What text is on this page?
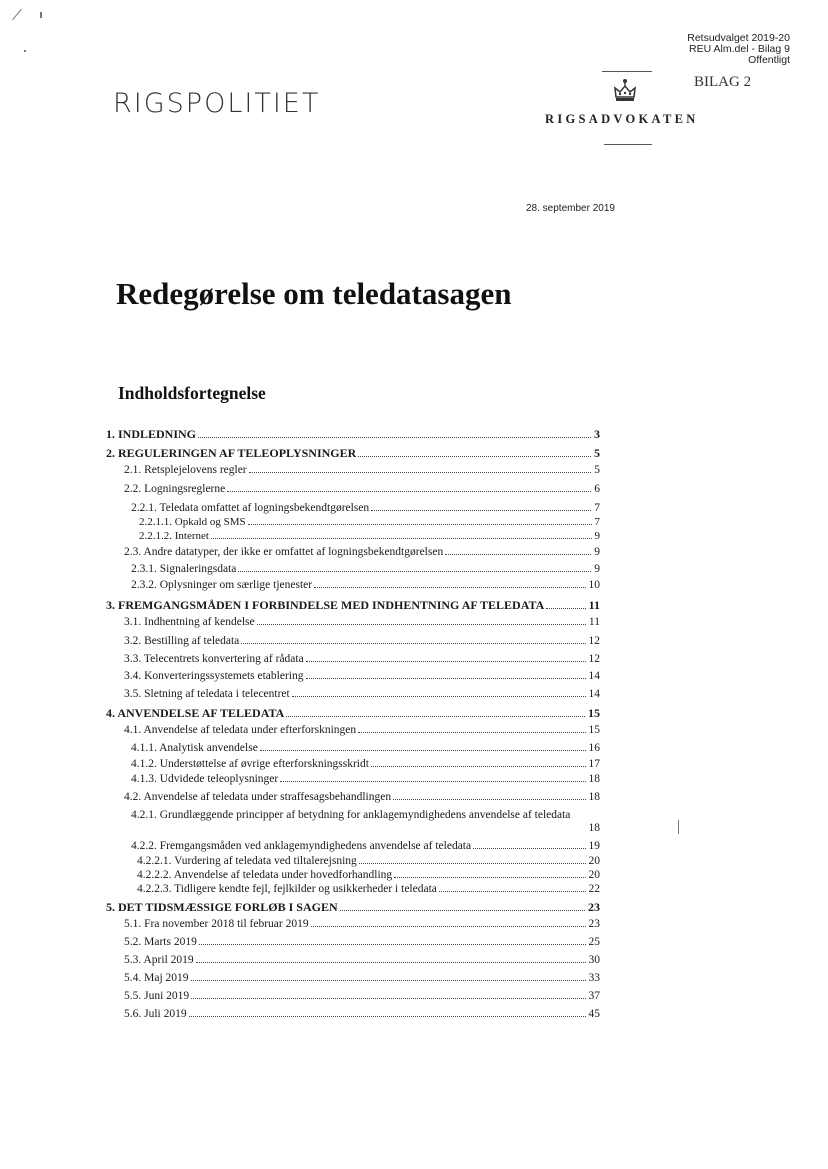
Retsudvalget 2019-20
REU Alm.del - Bilag 9
Offentligt
RIGSPOLITIET
BILAG 2
RIGSADVOKATEN
28. september 2019
Redegørelse om teledatasagen
Indholdsfortegnelse
1. INDLEDNING	3
2. REGULERINGEN AF TELEOPLYSNINGER	5
2.1. Retsplejelovens regler	5
2.2. Logningsreglerne	6
2.2.1. Teledata omfattet af logningsbekendtgørelsen	7
2.2.1.1. Opkald og SMS	7
2.2.1.2. Internet	9
2.3. Andre datatyper, der ikke er omfattet af logningsbekendtgørelsen	9
2.3.1. Signaleringsdata	9
2.3.2. Oplysninger om særlige tjenester	10
3. FREMGANGSMÅDEN I FORBINDELSE MED INDHENTNING AF TELEDATA	11
3.1. Indhentning af kendelse	11
3.2. Bestilling af teledata	12
3.3. Telecentrets konvertering af rådata	12
3.4. Konverteringssystemets etablering	14
3.5. Sletning af teledata i telecentret	14
4. ANVENDELSE AF TELEDATA	15
4.1. Anvendelse af teledata under efterforskningen	15
4.1.1. Analytisk anvendelse	16
4.1.2. Understøttelse af øvrige efterforskningsskridt	17
4.1.3. Udvidede teleoplysninger	18
4.2. Anvendelse af teledata under straffesagsbehandlingen	18
4.2.1. Grundlæggende principper af betydning for anklagemyndighedens anvendelse af teledata
18
4.2.2. Fremgangsmåden ved anklagemyndighedens anvendelse af teledata	19
4.2.2.1. Vurdering af teledata ved tiltalerejsning	20
4.2.2.2. Anvendelse af teledata under hovedforhandling	20
4.2.2.3. Tidligere kendte fejl, fejlkilder og usikkerheder i teledata	22
5. DET TIDSMÆSSIGE FORLØB I SAGEN	23
5.1. Fra november 2018 til februar 2019	23
5.2. Marts 2019	25
5.3. April 2019	30
5.4. Maj 2019	33
5.5. Juni 2019	37
5.6. Juli 2019	45
